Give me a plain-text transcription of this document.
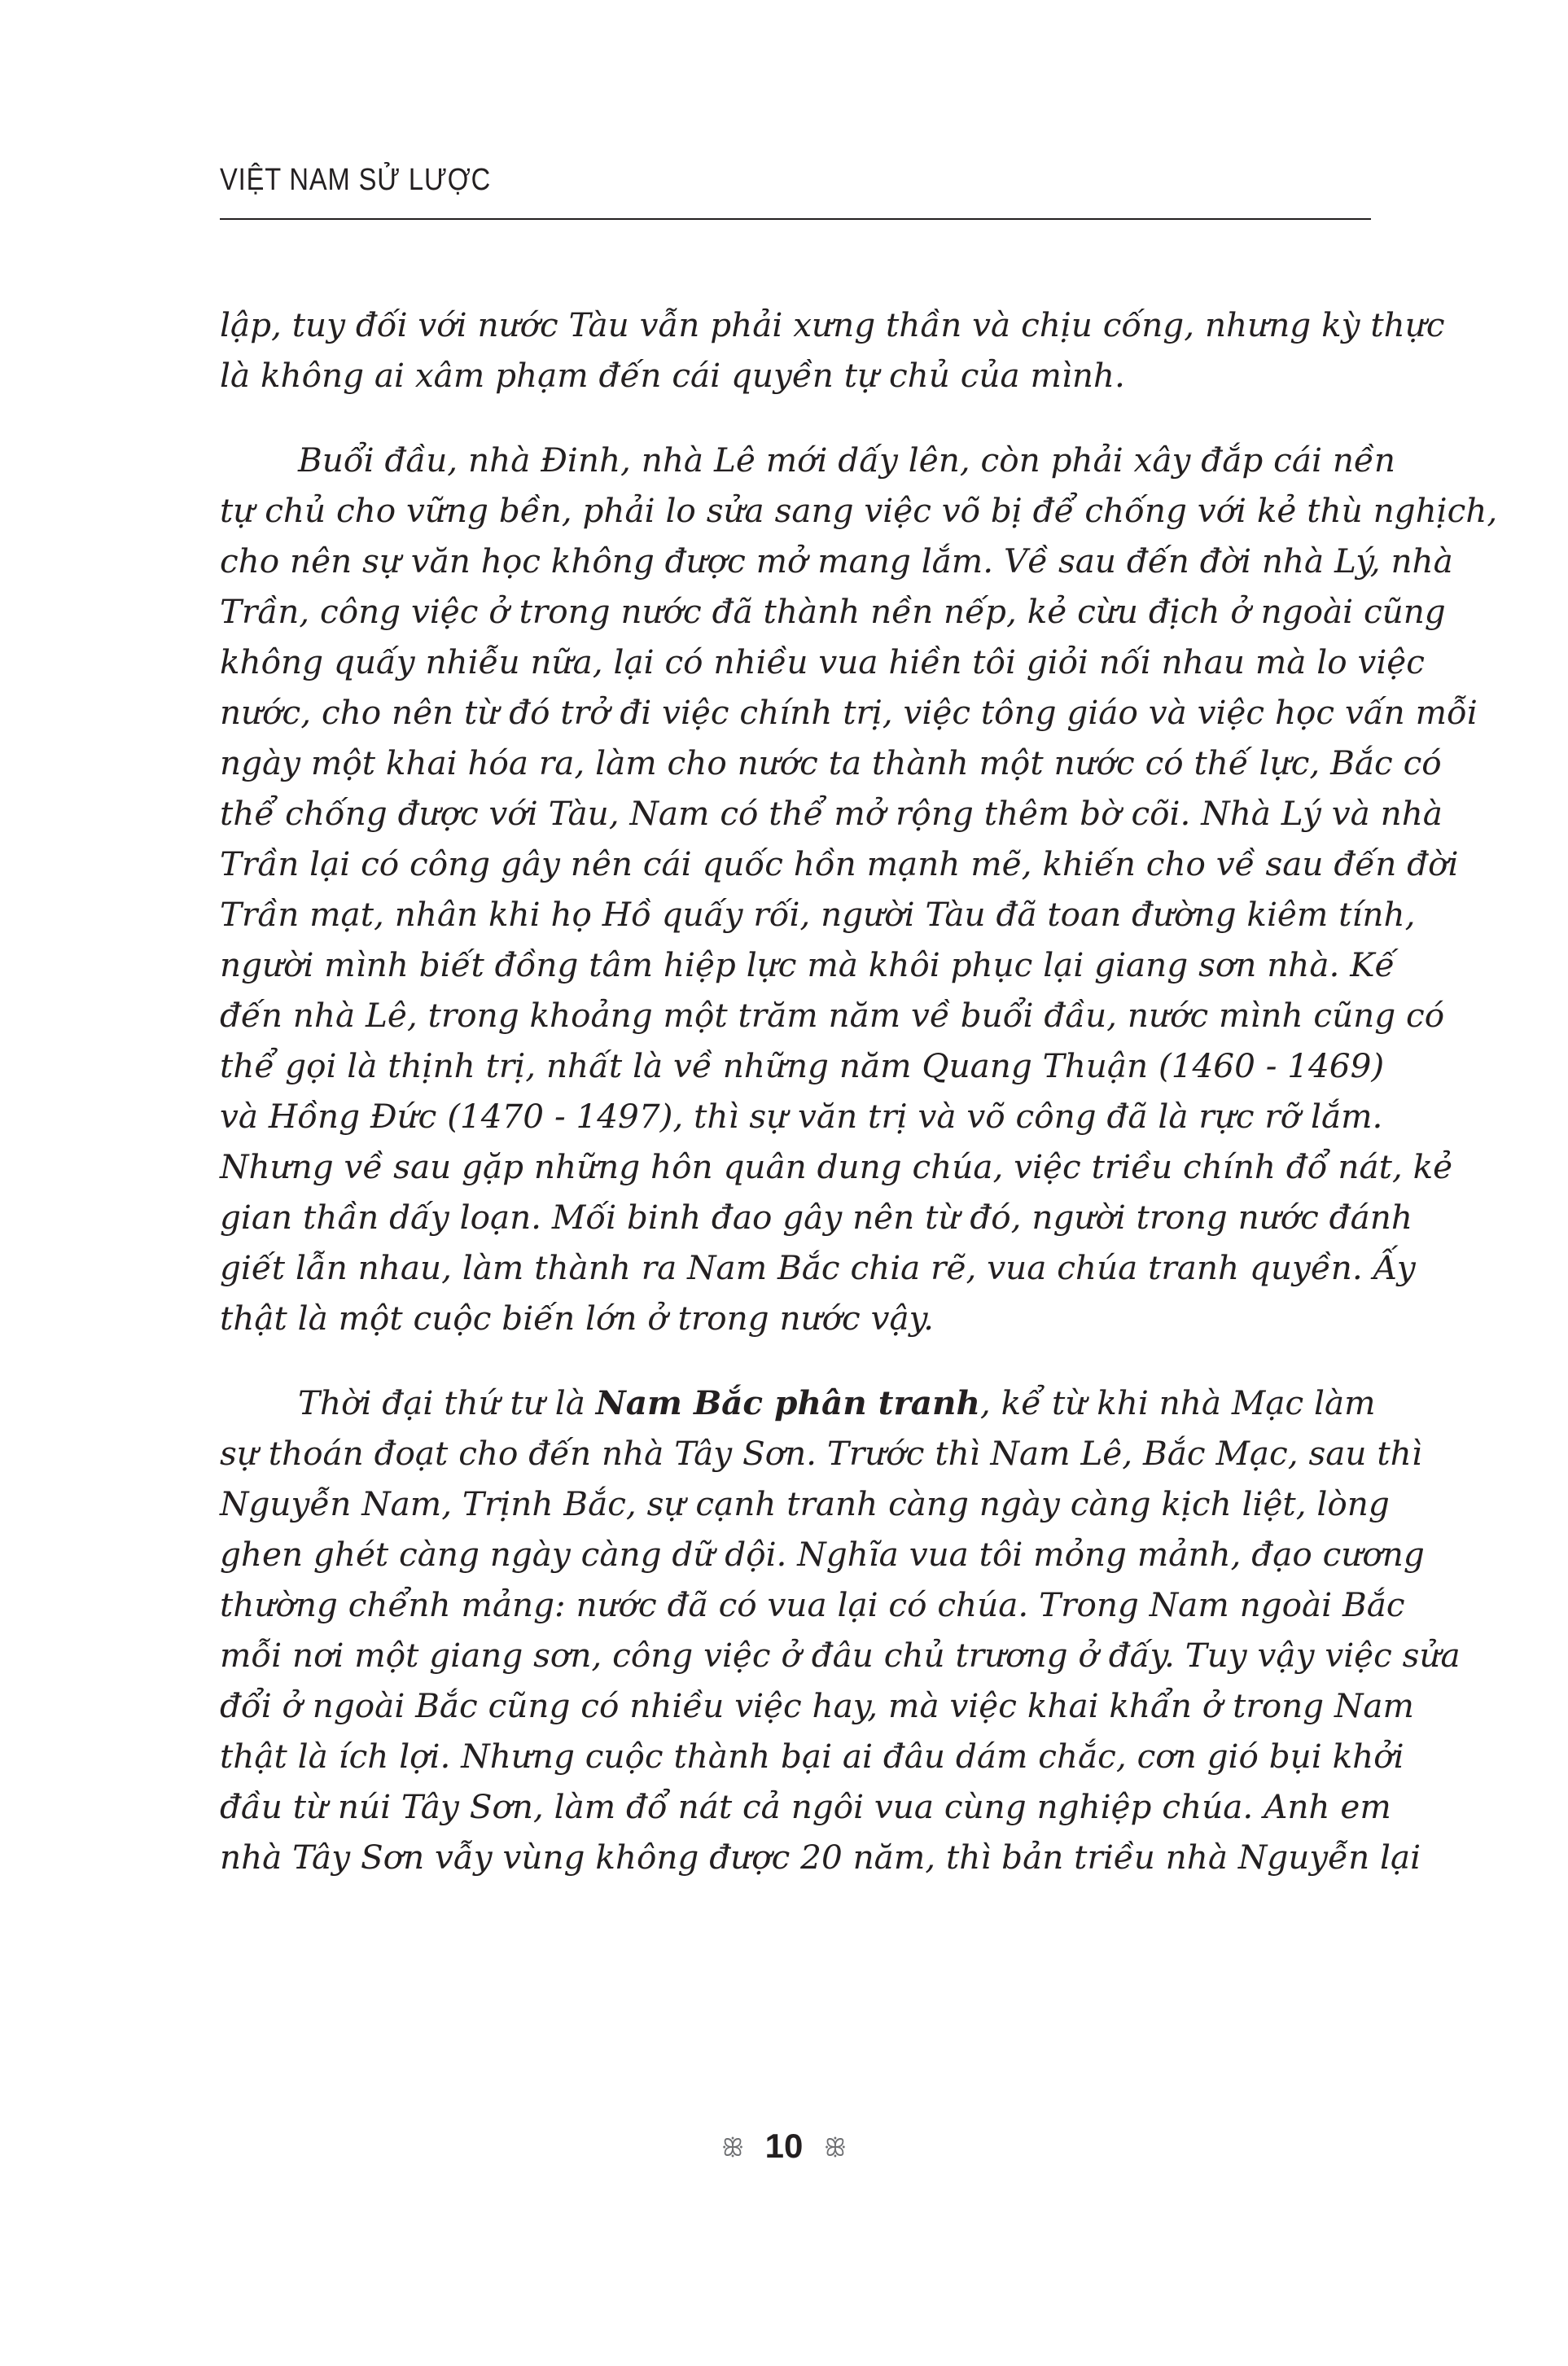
VIỆT NAM SỬ LƯỢC
lập, tuy đối với nước Tàu vẫn phải xưng thần và chịu cống, nhưng kỳ thực
là không ai xâm phạm đến cái quyền tự chủ của mình.
Buổi đầu, nhà Đinh, nhà Lê mới dấy lên, còn phải xây đắp cái nền
tự chủ cho vững bền, phải lo sửa sang việc võ bị để chống với kẻ thù nghịch,
cho nên sự văn học không được mở mang lắm. Về sau đến đời nhà Lý, nhà
Trần, công việc ở trong nước đã thành nền nếp, kẻ cừu địch ở ngoài cũng
không quấy nhiễu nữa, lại có nhiều vua hiền tôi giỏi nối nhau mà lo việc
nước, cho nên từ đó trở đi việc chính trị, việc tông giáo và việc học vấn mỗi
ngày một khai hóa ra, làm cho nước ta thành một nước có thế lực, Bắc có
thể chống được với Tàu, Nam có thể mở rộng thêm bờ cõi. Nhà Lý và nhà
Trần lại có công gây nên cái quốc hồn mạnh mẽ, khiến cho về sau đến đời
Trần mạt, nhân khi họ Hồ quấy rối, người Tàu đã toan đường kiêm tính,
người mình biết đồng tâm hiệp lực mà khôi phục lại giang sơn nhà. Kế
đến nhà Lê, trong khoảng một trăm năm về buổi đầu, nước mình cũng có
thể gọi là thịnh trị, nhất là về những năm Quang Thuận (1460 - 1469)
và Hồng Đức (1470 - 1497), thì sự văn trị và võ công đã là rực rỡ lắm.
Nhưng về sau gặp những hôn quân dung chúa, việc triều chính đổ nát, kẻ
gian thần dấy loạn. Mối binh đao gây nên từ đó, người trong nước đánh
giết lẫn nhau, làm thành ra Nam Bắc chia rẽ, vua chúa tranh quyền. Ấy
thật là một cuộc biến lớn ở trong nước vậy.
Thời đại thứ tư là Nam Bắc phân tranh, kể từ khi nhà Mạc làm
sự thoán đoạt cho đến nhà Tây Sơn. Trước thì Nam Lê, Bắc Mạc, sau thì
Nguyễn Nam, Trịnh Bắc, sự cạnh tranh càng ngày càng kịch liệt, lòng
ghen ghét càng ngày càng dữ dội. Nghĩa vua tôi mỏng mảnh, đạo cương
thường chểnh mảng: nước đã có vua lại có chúa. Trong Nam ngoài Bắc
mỗi nơi một giang sơn, công việc ở đâu chủ trương ở đấy. Tuy vậy việc sửa
đổi ở ngoài Bắc cũng có nhiều việc hay, mà việc khai khẩn ở trong Nam
thật là ích lợi. Nhưng cuộc thành bại ai đâu dám chắc, cơn gió bụi khởi
đầu từ núi Tây Sơn, làm đổ nát cả ngôi vua cùng nghiệp chúa. Anh em
nhà Tây Sơn vẫy vùng không được 20 năm, thì bản triều nhà Nguyễn lại
ꕥ 10 ꕥ
